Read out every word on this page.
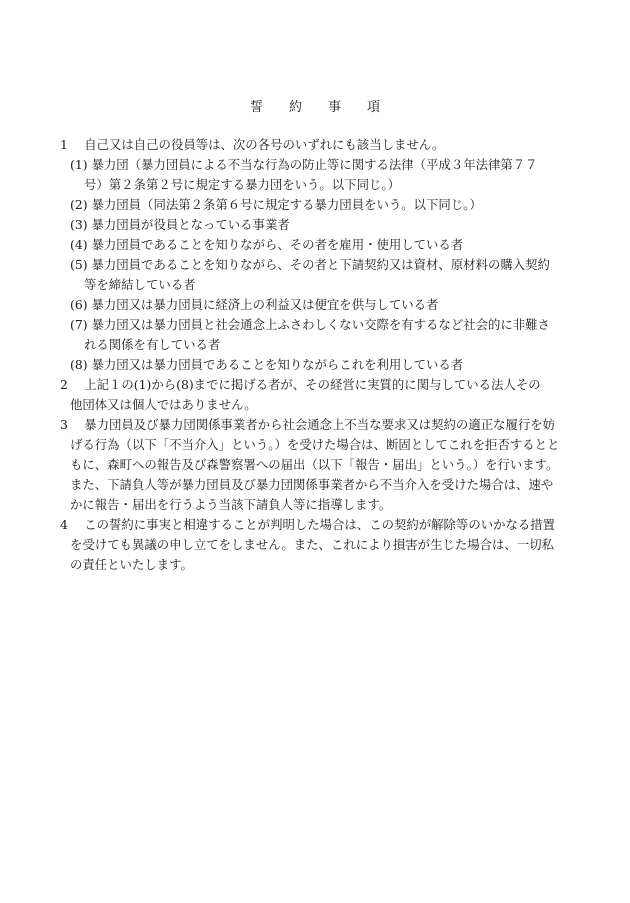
誓　　約　　事　　項
1　 自己又は自己の役員等は、次の各号のいずれにも該当しません。
(1) 暴力団（暴力団員による不当な行為の防止等に関する法律（平成３年法律第７７
号）第２条第２号に規定する暴力団をいう。以下同じ。）
(2) 暴力団員（同法第２条第６号に規定する暴力団員をいう。以下同じ。）
(3) 暴力団員が役員となっている事業者
(4) 暴力団員であることを知りながら、その者を雇用・使用している者
(5) 暴力団員であることを知りながら、その者と下請契約又は資材、原材料の購入契約
等を締結している者
(6) 暴力団又は暴力団員に経済上の利益又は便宜を供与している者
(7) 暴力団又は暴力団員と社会通念上ふさわしくない交際を有するなど社会的に非難さ
れる関係を有している者
(8) 暴力団又は暴力団員であることを知りながらこれを利用している者
2　 上記１の(1)から(8)までに掲げる者が、その経営に実質的に関与している法人その
他団体又は個人ではありません。
3　 暴力団員及び暴力団関係事業者から社会通念上不当な要求又は契約の適正な履行を妨
げる行為（以下「不当介入」という。）を受けた場合は、断固としてこれを拒否するとと
もに、森町への報告及び森警察署への届出（以下「報告・届出」という。）を行います。
また、下請負人等が暴力団員及び暴力団関係事業者から不当介入を受けた場合は、速や
かに報告・届出を行うよう当該下請負人等に指導します。
4　 この誓約に事実と相違することが判明した場合は、この契約が解除等のいかなる措置
を受けても異議の申し立てをしません。また、これにより損害が生じた場合は、一切私
の責任といたします。
